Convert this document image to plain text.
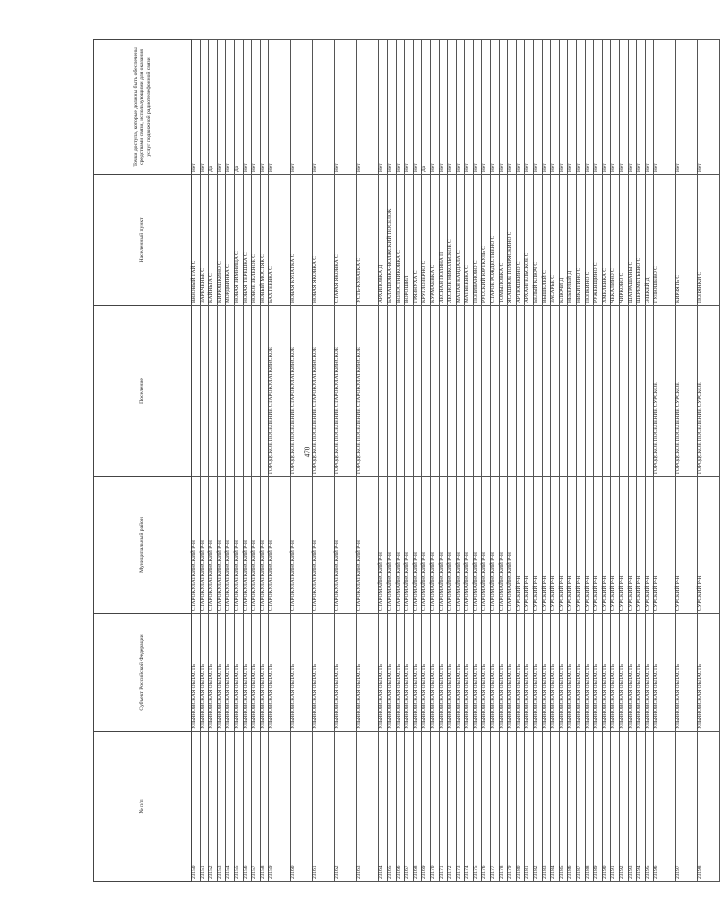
470
№ п/п	Субъект Российской Федерации	Муниципальный район	Поселение	Населенный пункт	Точки доступа, которые должны быть обеспечены средствами связи, использующими для оказания услуг подвижной радиотелефонной связи
23150	УЛЬЯНОВСКАЯ ОБЛАСТЬ	СТАРОКУЛАТКИНСКИЙ Р-Н		ВЯЗОВЫЙ ГАЙ С	Нет
23151	УЛЬЯНОВСКАЯ ОБЛАСТЬ	СТАРОКУЛАТКИНСКИЙ Р-Н		ЗАРЕЧЕНЬЕ С	Нет
23152	УЛЬЯНОВСКАЯ ОБЛАСТЬ	СТАРОКУЛАТКИНСКИЙ Р-Н		КАЙНЬГА С	Да
23153	УЛЬЯНОВСКАЯ ОБЛАСТЬ	СТАРОКУЛАТКИНСКИЙ Р-Н		КИРЮШКИНО С	Нет
23154	УЛЬЯНОВСКАЯ ОБЛАСТЬ	СТАРОКУЛАТКИНСКИЙ Р-Н		МОРДВИНКА С	Нет
23155	УЛЬЯНОВСКАЯ ОБЛАСТЬ	СТАРОКУЛАТКИНСКИЙ Р-Н		НОВАЯ ЗИМНИЦА С	Да
23156	УЛЬЯНОВСКАЯ ОБЛАСТЬ	СТАРОКУЛАТКИНСКИЙ Р-Н		НОВАЯ ТЕРЕШКА С	Нет
23157	УЛЬЯНОВСКАЯ ОБЛАСТЬ	СТАРОКУЛАТКИНСКИЙ Р-Н		НОВОЕ ЗЕЛЕНОЕ С	Нет
23158	УЛЬЯНОВСКАЯ ОБЛАСТЬ	СТАРОКУЛАТКИНСКИЙ Р-Н		НОВЫЙ МОСТЯК С	Нет
23159	УЛЬЯНОВСКАЯ ОБЛАСТЬ	СТАРОКУЛАТКИНСКИЙ Р-Н	ГОРОДСКОЕ ПОСЕЛЕНИЕ СТАРОКУЛАТКИНСКОЕ	БАХТЕЕВКА С	Нет
23160	УЛЬЯНОВСКАЯ ОБЛАСТЬ	СТАРОКУЛАТКИНСКИЙ Р-Н	ГОРОДСКОЕ ПОСЕЛЕНИЕ СТАРОКУЛАТКИНСКОЕ	НОВАЯ КУЛАТКА С	Нет
23161	УЛЬЯНОВСКАЯ ОБЛАСТЬ	СТАРОКУЛАТКИНСКИЙ Р-Н	ГОРОДСКОЕ ПОСЕЛЕНИЕ СТАРОКУЛАТКИНСКОЕ	НОВАЯ ЯКОВКА С	Нет
23162	УЛЬЯНОВСКАЯ ОБЛАСТЬ	СТАРОКУЛАТКИНСКИЙ Р-Н	ГОРОДСКОЕ ПОСЕЛЕНИЕ СТАРОКУЛАТКИНСКОЕ	СТАРАЯ ЯКОВКА С	Нет
23163	УЛЬЯНОВСКАЯ ОБЛАСТЬ	СТАРОКУЛАТКИНСКИЙ Р-Н	ГОРОДСКОЕ ПОСЕЛЕНИЕ СТАРОКУЛАТКИНСКОЕ	УСТЬ-КУЛАТКА С	Нет
23164	УЛЬЯНОВСКАЯ ОБЛАСТЬ	СТАРОМАЙНСКИЙ Р-Н		АРХИПОВКА Д	Нет
23165	УЛЬЯНОВСКАЯ ОБЛАСТЬ	СТАРОМАЙНСКИЙ Р-Н		БАЛАШОВКА-ВОЛЖСКИЙ ПОСЕЛОК	Нет
23166	УЛЬЯНОВСКАЯ ОБЛАСТЬ	СТАРОМАЙНСКИЙ Р-Н		ВОЛОСТНИКОВКА С	Нет
23167	УЛЬЯНОВСКАЯ ОБЛАСТЬ	СТАРОМАЙНСКИЙ Р-Н		ВОРОШИЛ	Нет
23168	УЛЬЯНОВСКАЯ ОБЛАСТЬ	СТАРОМАЙНСКИЙ Р-Н		ГРЯЗНУХА С	Нет
23169	УЛЬЯНОВСКАЯ ОБЛАСТЬ	СТАРОМАЙНСКИЙ Р-Н		КРУГЛОЗЕРНО С	Да
23170	УЛЬЯНОВСКАЯ ОБЛАСТЬ	СТАРОМАЙНСКИЙ Р-Н		КУРМАЕВКА С	Нет
23171	УЛЬЯНОВСКАЯ ОБЛАСТЬ	СТАРОМАЙНСКИЙ Р-Н		ЛЕСНАЯ ПОЛЯНА П	Нет
23172	УЛЬЯНОВСКАЯ ОБЛАСТЬ	СТАРОМАЙНСКИЙ Р-Н		ЛЕСНОЕ НИКОЛЬСКОЕ С	Нет
23173	УЛЬЯНОВСКАЯ ОБЛАСТЬ	СТАРОМАЙНСКИЙ Р-Н		МАЛАЯ КАНДАЛА С	Нет
23174	УЛЬЯНОВСКАЯ ОБЛАСТЬ	СТАРОМАЙНСКИЙ Р-Н		МАТВЕЕВКА С	Нет
23175	УЛЬЯНОВСКАЯ ОБЛАСТЬ	СТАРОМАЙНСКИЙ Р-Н		ПОЛИВАНОВО С	Нет
23176	УЛЬЯНОВСКАЯ ОБЛАСТЬ	СТАРОМАЙНСКИЙ Р-Н		РУССКИЙ ЮРТКУЛЬ С	Нет
23177	УЛЬЯНОВСКАЯ ОБЛАСТЬ	СТАРОМАЙНСКИЙ Р-Н		СТАРОЕ РОЖДЕСТВЕНО С	Нет
23178	УЛЬЯНОВСКАЯ ОБЛАСТЬ	СТАРОМАЙНСКИЙ Р-Н		ТОМЫЛОВКА С	Нет
23179	УЛЬЯНОВСКАЯ ОБЛАСТЬ	СТАРОМАЙНСКИЙ Р-Н		ЯСАШНОЕ ПОМРЯСКИНО С	Нет
23180	УЛЬЯНОВСКАЯ ОБЛАСТЬ	СУРСКИЙ Р-Н		АРТЮШКИНО С	Нет
23181	УЛЬЯНОВСКАЯ ОБЛАСТЬ	СУРСКИЙ Р-Н		АРХАНГЕЛЬСКОЕ С	Нет
23182	УЛЬЯНОВСКАЯ ОБЛАСТЬ	СУРСКИЙ Р-Н		БЕЛЫЙ КЛЮЧ С	Нет
23183	УЛЬЯНОВСКАЯ ОБЛАСТЬ	СУРСКИЙ Р-Н		ВЫШЕЛЕЙ С	Нет
23184	УЛЬЯНОВСКАЯ ОБЛАСТЬ	СУРСКИЙ Р-Н		ЗАСАРЬЕ С	Нет
23185	УЛЬЯНОВСКАЯ ОБЛАСТЬ	СУРСКИЙ Р-Н		КЛЮЧИ Д	Нет
23186	УЛЬЯНОВСКАЯ ОБЛАСТЬ	СУРСКИЙ Р-Н		НЕБЕРЛЕЙ Д	Нет
23187	УЛЬЯНОВСКАЯ ОБЛАСТЬ	СУРСКИЙ Р-Н		НИКИТИНО С	Нет
23188	УЛЬЯНОВСКАЯ ОБЛАСТЬ	СУРСКИЙ Р-Н		ПОЛКИНО С	Нет
23189	УЛЬЯНОВСКАЯ ОБЛАСТЬ	СУРСКИЙ Р-Н		РУЖЕВЩИНО С	Нет
23190	УЛЬЯНОВСКАЯ ОБЛАСТЬ	СУРСКИЙ Р-Н		ХМЕЛЕВКА С	Нет
23191	УЛЬЯНОВСКАЯ ОБЛАСТЬ	СУРСКИЙ Р-Н		ЧЕКАЛИНО С	Нет
23192	УЛЬЯНОВСКАЯ ОБЛАСТЬ	СУРСКИЙ Р-Н		ЧИРКОВО С	Нет
23193	УЛЬЯНОВСКАЯ ОБЛАСТЬ	СУРСКИЙ Р-Н		ШАТРАШАНЫ С	Нет
23194	УЛЬЯНОВСКАЯ ОБЛАСТЬ	СУРСКИЙ Р-Н		ШЕРЕМЕТЬЕВО С	Нет
23195	УЛЬЯНОВСКАЯ ОБЛАСТЬ	СУРСКИЙ Р-Н		ЭЗЕКЕЙ Д	Нет
23196	УЛЬЯНОВСКАЯ ОБЛАСТЬ	СУРСКИЙ Р-Н	ГОРОДСКОЕ ПОСЕЛЕНИЕ СУРСКОЕ	ГУЛЮШЕВО С	Нет
23197	УЛЬЯНОВСКАЯ ОБЛАСТЬ	СУРСКИЙ Р-Н	ГОРОДСКОЕ ПОСЕЛЕНИЕ СУРСКОЕ	КИРЗЯТЬ С	Нет
23198	УЛЬЯНОВСКАЯ ОБЛАСТЬ	СУРСКИЙ Р-Н	ГОРОДСКОЕ ПОСЕЛЕНИЕ СУРСКОЕ	ПОЛЯНКИ С	Нет
